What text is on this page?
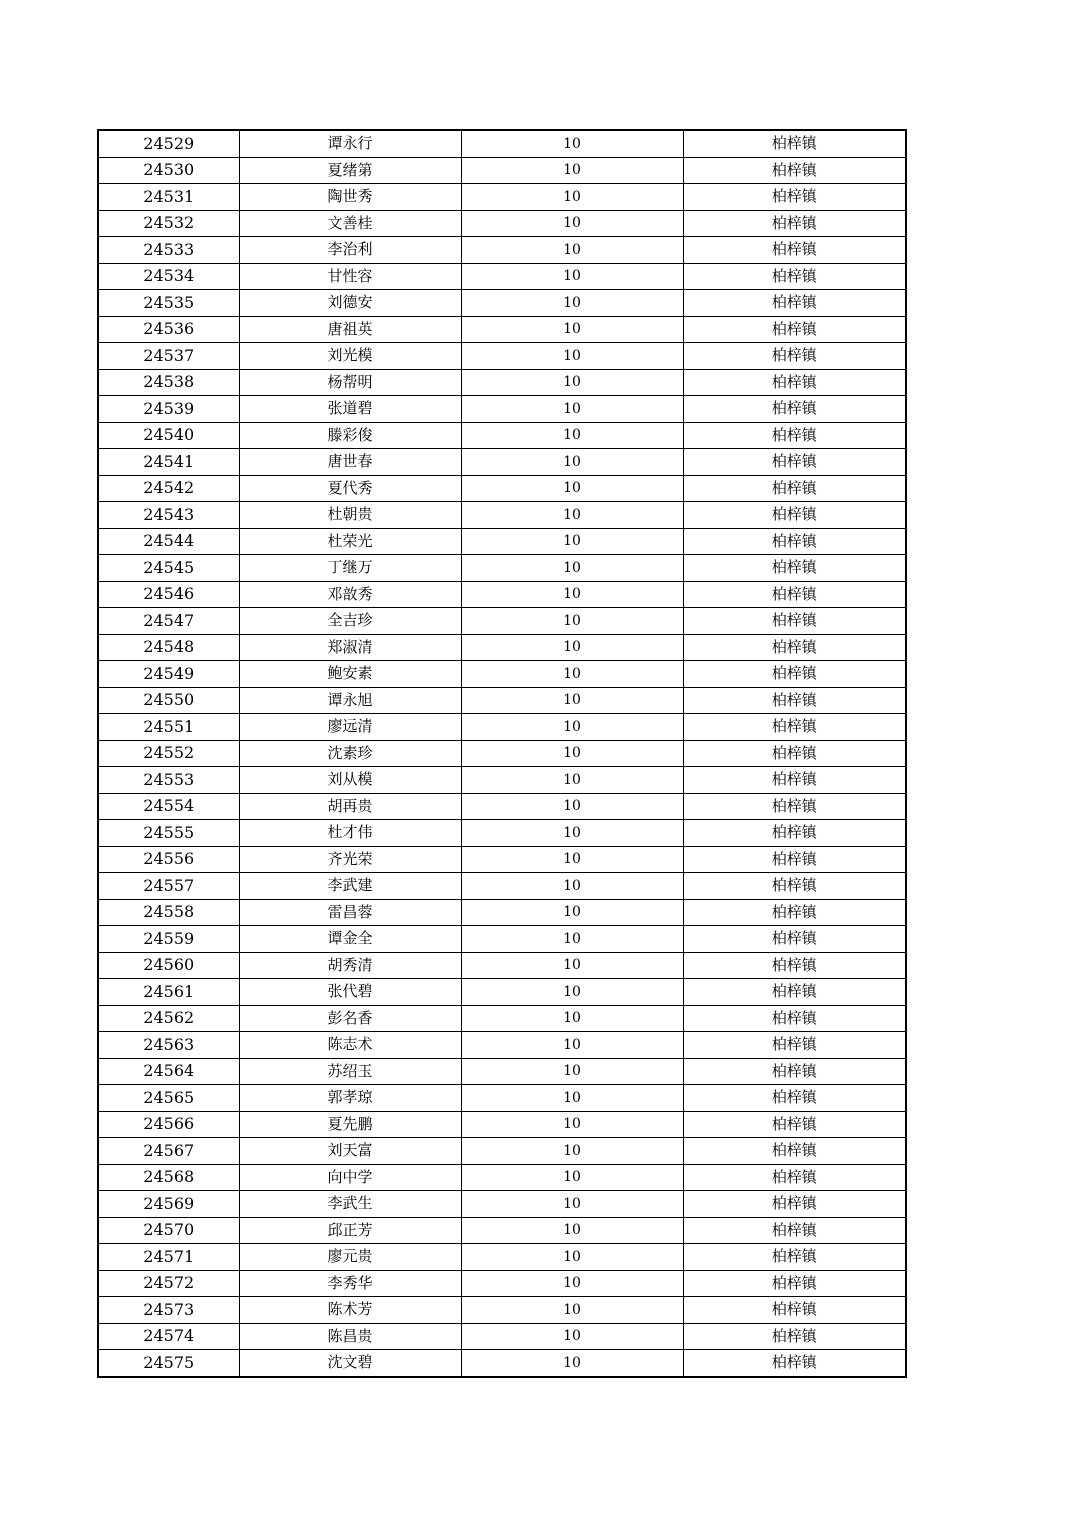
24529	谭永行	10	柏梓镇
24530	夏绪第	10	柏梓镇
24531	陶世秀	10	柏梓镇
24532	文善桂	10	柏梓镇
24533	李治利	10	柏梓镇
24534	甘性容	10	柏梓镇
24535	刘德安	10	柏梓镇
24536	唐祖英	10	柏梓镇
24537	刘光模	10	柏梓镇
24538	杨帮明	10	柏梓镇
24539	张道碧	10	柏梓镇
24540	滕彩俊	10	柏梓镇
24541	唐世春	10	柏梓镇
24542	夏代秀	10	柏梓镇
24543	杜朝贵	10	柏梓镇
24544	杜荣光	10	柏梓镇
24545	丁继万	10	柏梓镇
24546	邓敨秀	10	柏梓镇
24547	全吉珍	10	柏梓镇
24548	郑淑清	10	柏梓镇
24549	鲍安素	10	柏梓镇
24550	谭永旭	10	柏梓镇
24551	廖远清	10	柏梓镇
24552	沈素珍	10	柏梓镇
24553	刘从模	10	柏梓镇
24554	胡再贵	10	柏梓镇
24555	杜才伟	10	柏梓镇
24556	齐光荣	10	柏梓镇
24557	李武建	10	柏梓镇
24558	雷昌蓉	10	柏梓镇
24559	谭金全	10	柏梓镇
24560	胡秀清	10	柏梓镇
24561	张代碧	10	柏梓镇
24562	彭名香	10	柏梓镇
24563	陈志术	10	柏梓镇
24564	苏绍玉	10	柏梓镇
24565	郭孝琼	10	柏梓镇
24566	夏先鹏	10	柏梓镇
24567	刘天富	10	柏梓镇
24568	向中学	10	柏梓镇
24569	李武生	10	柏梓镇
24570	邱正芳	10	柏梓镇
24571	廖元贵	10	柏梓镇
24572	李秀华	10	柏梓镇
24573	陈术芳	10	柏梓镇
24574	陈昌贵	10	柏梓镇
24575	沈文碧	10	柏梓镇
